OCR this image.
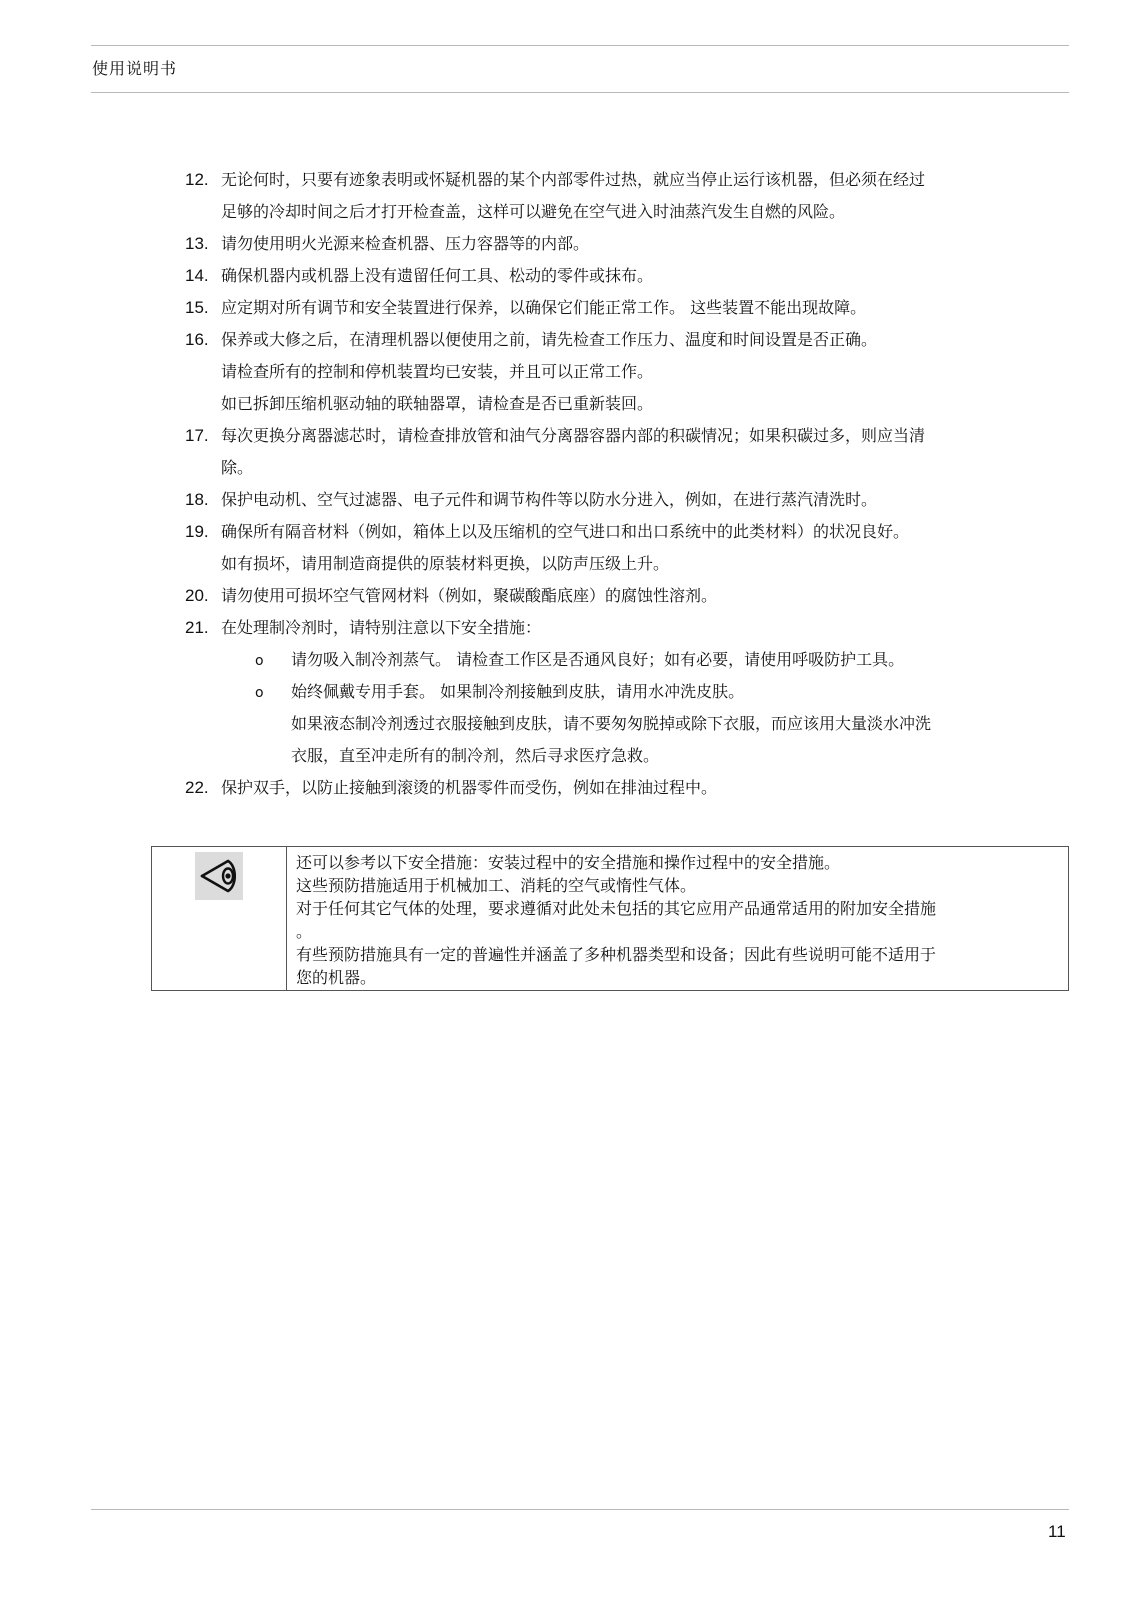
使用说明书
12. 无论何时，只要有迹象表明或怀疑机器的某个内部零件过热，就应当停止运行该机器，但必须在经过
足够的冷却时间之后才打开检查盖，这样可以避免在空气进入时油蒸汽发生自燃的风险。
13. 请勿使用明火光源来检查机器、压力容器等的内部。
14. 确保机器内或机器上没有遗留任何工具、松动的零件或抹布。
15. 应定期对所有调节和安全装置进行保养，以确保它们能正常工作。 这些装置不能出现故障。
16. 保养或大修之后，在清理机器以便使用之前，请先检查工作压力、温度和时间设置是否正确。
请检查所有的控制和停机装置均已安装，并且可以正常工作。
如已拆卸压缩机驱动轴的联轴器罩，请检查是否已重新装回。
17. 每次更换分离器滤芯时，请检查排放管和油气分离器容器内部的积碳情况；如果积碳过多，则应当清
除。
18. 保护电动机、空气过滤器、电子元件和调节构件等以防水分进入，例如，在进行蒸汽清洗时。
19. 确保所有隔音材料（例如，箱体上以及压缩机的空气进口和出口系统中的此类材料）的状况良好。
如有损坏，请用制造商提供的原装材料更换，以防声压级上升。
20. 请勿使用可损坏空气管网材料（例如，聚碳酸酯底座）的腐蚀性溶剂。
21. 在处理制冷剂时，请特别注意以下安全措施：
o 请勿吸入制冷剂蒸气。 请检查工作区是否通风良好；如有必要，请使用呼吸防护工具。
o 始终佩戴专用手套。 如果制冷剂接触到皮肤，请用水冲洗皮肤。
如果液态制冷剂透过衣服接触到皮肤，请不要匆匆脱掉或除下衣服，而应该用大量淡水冲洗
衣服，直至冲走所有的制冷剂，然后寻求医疗急救。
22. 保护双手，以防止接触到滚烫的机器零件而受伤，例如在排油过程中。
还可以参考以下安全措施：安装过程中的安全措施和操作过程中的安全措施。
这些预防措施适用于机械加工、消耗的空气或惰性气体。
对于任何其它气体的处理，要求遵循对此处未包括的其它应用产品通常适用的附加安全措施
。
有些预防措施具有一定的普遍性并涵盖了多种机器类型和设备；因此有些说明可能不适用于
您的机器。
11
